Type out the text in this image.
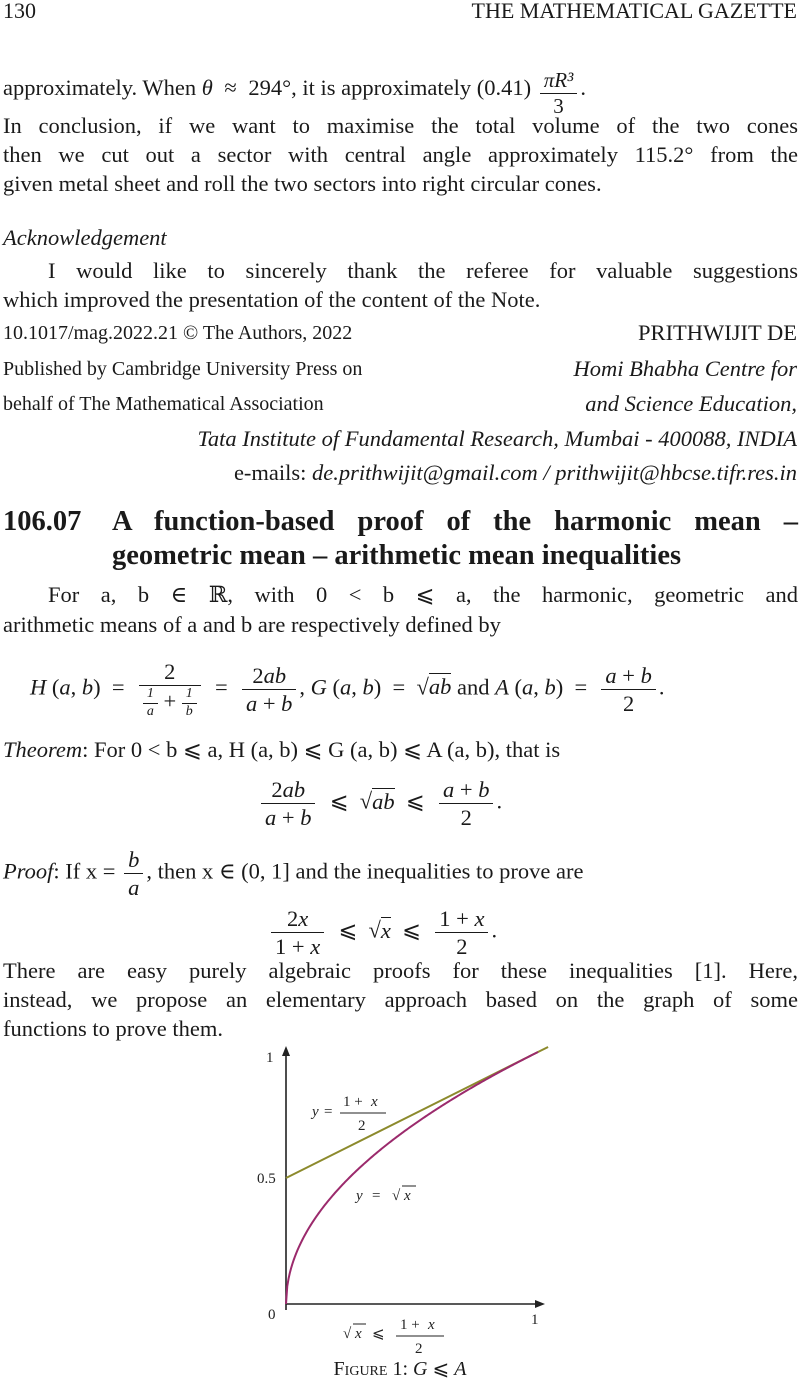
130	THE MATHEMATICAL GAZETTE
approximately. When θ ≈ 294°, it is approximately $(0.41) \frac{\text{πR³}}{3}$ .
In conclusion, if we want to maximise the total volume of the two cones
then we cut out a sector with central angle approximately 115.2° from the
given metal sheet and roll the two sectors into right circular cones.
Acknowledgement
I would like to sincerely thank the referee for valuable suggestions
which improved the presentation of the content of the Note.
10.1017/mag.2022.21 © The Authors, 2022	PRITHWIJIT DE
Published by Cambridge University Press on	Homi Bhabha Centre for
behalf of The Mathematical Association	and Science Education,
Tata Institute of Fundamental Research, Mumbai - 400088, INDIA
e-mails: de.prithwijit@gmail.com / prithwijit@hbcse.tifr.res.in
106.07 A function-based proof of the harmonic mean –
geometric mean – arithmetic mean inequalities
For a, b ∈ ℝ, with 0 < b ⩽ a, the harmonic, geometric and
arithmetic means of a and b are respectively defined by
H (a, $b) = \frac{2}{\frac{1}{a} + \frac{1}{b}} = \frac{2ab}{a + b}$ , G (a, b)  =  √ab and A (a, $b) = \frac{a + b}{2}$ .
Theorem: For 0 < b ⩽ a, H (a, b) ⩽ G (a, b) ⩽ A (a, b), that is
$\frac{2ab}{a + b}$ ⩽  √ab  ⩽ $\frac{a + b}{2}$ .
Proof: If $x = \frac{b}{a}$ , then x ∈ (0, 1] and the inequalities to prove are
$\frac{2x}{1 + x}$ ⩽  √x  ⩽ $\frac{1 + x}{2}$ .
There are easy purely algebraic proofs for these inequalities [1]. Here,
instead, we propose an elementary approach based on the graph of some
functions to prove them.
1
0.5
0	1
y =
1 + x
2
y = √ x
√ x ⩽
1 + x
2
Figure 1: G ⩽ A
